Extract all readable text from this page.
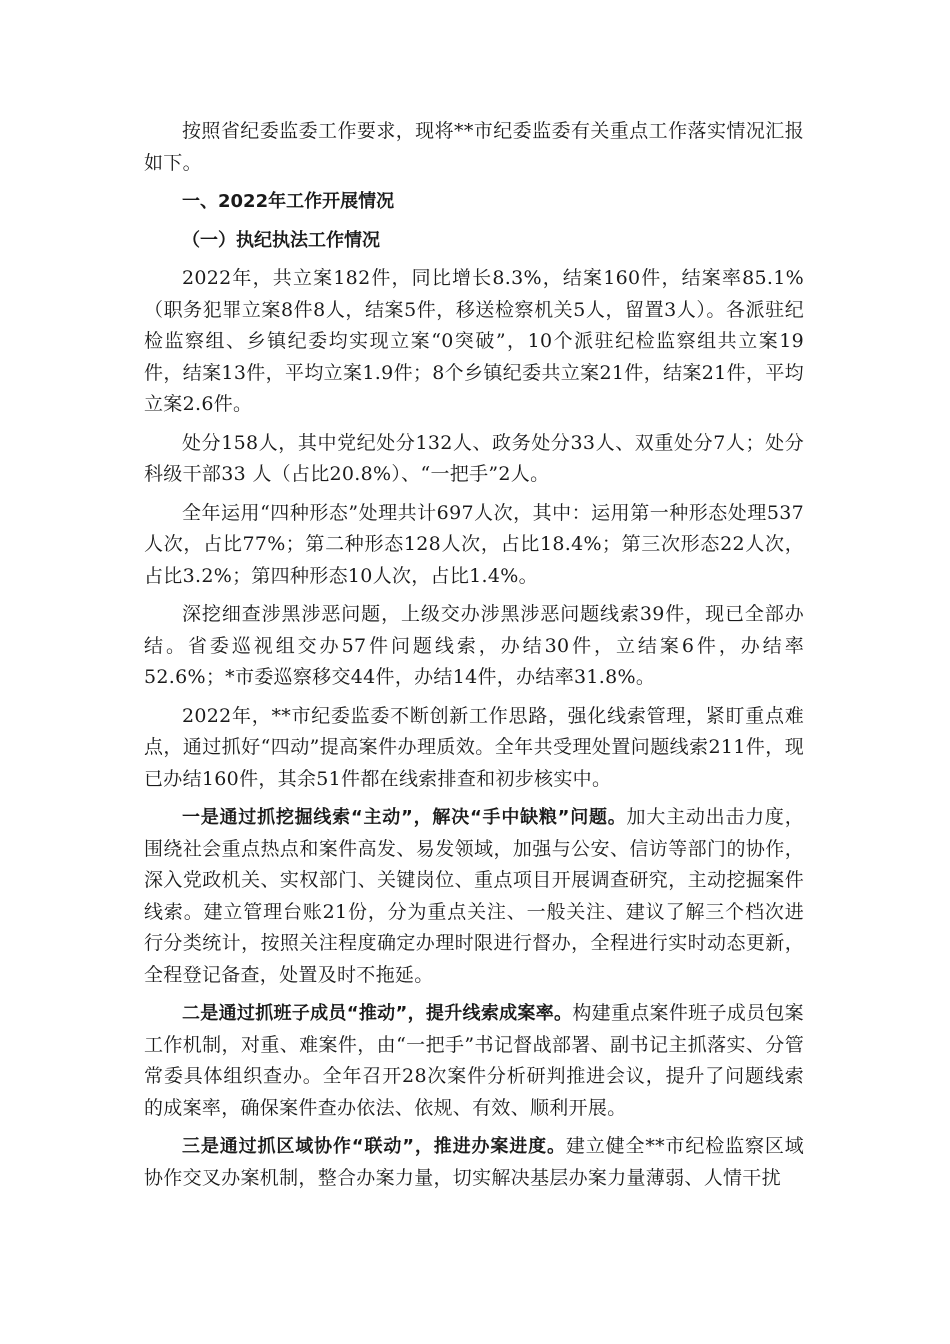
按照省纪委监委工作要求，现将**市纪委监委有关重点工作落实情况汇报如下。

一、2022年工作开展情况

（一）执纪执法工作情况

2022年，共立案182件，同比增长8.3%，结案160件，结案率85.1%（职务犯罪立案8件8人，结案5件，移送检察机关5人，留置3人）。各派驻纪检监察组、乡镇纪委均实现立案“0突破”，10个派驻纪检监察组共立案19件，结案13件，平均立案1.9件；8个乡镇纪委共立案21件，结案21件，平均立案2.6件。

处分158人，其中党纪处分132人、政务处分33人、双重处分7人；处分科级干部33 人（占比20.8%）、“一把手”2人。

全年运用“四种形态”处理共计697人次，其中：运用第一种形态处理537人次，占比77%；第二种形态128人次，占比18.4%；第三次形态22人次，占比3.2%；第四种形态10人次，占比1.4%。

深挖细查涉黑涉恶问题，上级交办涉黑涉恶问题线索39件，现已全部办结。省委巡视组交办57件问题线索，办结30件，立结案6件，办结率52.6%；*市委巡察移交44件，办结14件，办结率31.8%。

2022年，**市纪委监委不断创新工作思路，强化线索管理，紧盯重点难点，通过抓好“四动”提高案件办理质效。全年共受理处置问题线索211件，现已办结160件，其余51件都在线索排查和初步核实中。

一是通过抓挖掘线索“主动”，解决“手中缺粮”问题。加大主动出击力度，围绕社会重点热点和案件高发、易发领域，加强与公安、信访等部门的协作，深入党政机关、实权部门、关键岗位、重点项目开展调查研究，主动挖掘案件线索。建立管理台账21份，分为重点关注、一般关注、建议了解三个档次进行分类统计，按照关注程度确定办理时限进行督办，全程进行实时动态更新，全程登记备查，处置及时不拖延。

二是通过抓班子成员“推动”，提升线索成案率。构建重点案件班子成员包案工作机制，对重、难案件，由“一把手”书记督战部署、副书记主抓落实、分管常委具体组织查办。全年召开28次案件分析研判推进会议，提升了问题线索的成案率，确保案件查办依法、依规、有效、顺利开展。

三是通过抓区域协作“联动”，推进办案进度。建立健全**市纪检监察区域协作交叉办案机制，整合办案力量，切实解决基层办案力量薄弱、人情干扰
